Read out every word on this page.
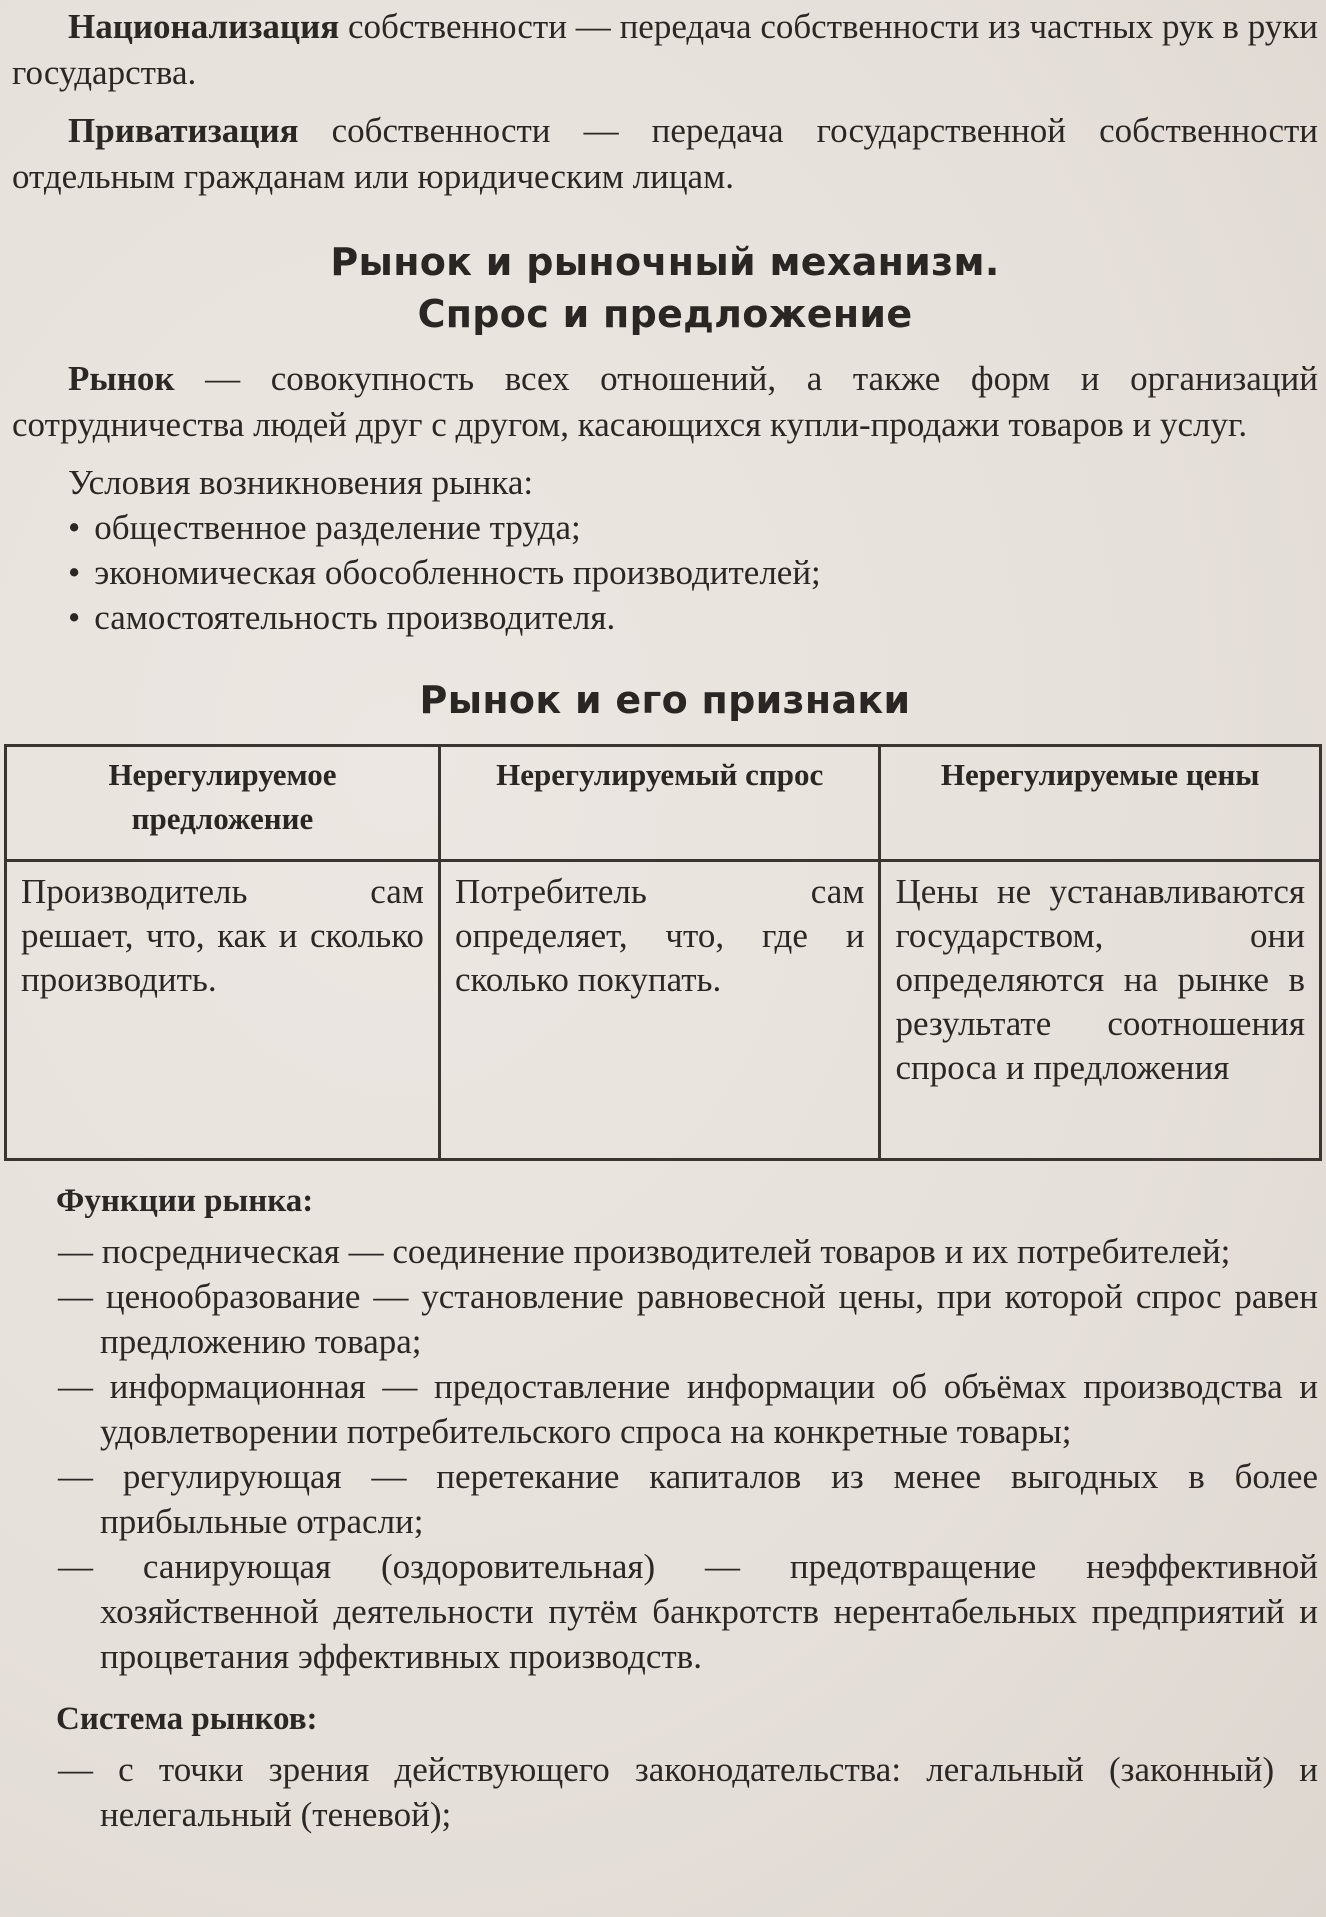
Национализация собственности — передача собственности из частных рук в руки государства.

Приватизация собственности — передача государственной собственности отдельным гражданам или юридическим лицам.

Рынок и рыночный механизм.
Спрос и предложение

Рынок — совокупность всех отношений, а также форм и организаций сотрудничества людей друг с другом, касающихся купли-продажи товаров и услуг.

Условия возникновения рынка:

• общественное разделение труда;
• экономическая обособленность производителей;
• самостоятельность производителя.
Рынок и его признаки
Нерегулируемое предложение	Нерегулируемый спрос	Нерегулируемые цены
Производитель сам решает, что, как и сколько производить.	Потребитель сам определяет, что, где и сколько покупать.	Цены не устанавливаются государством, они определяются на рынке в результате соотношения спроса и предложения

Функции рынка:

— посредническая — соединение производителей товаров и их потребителей;
— ценообразование — установление равновесной цены, при которой спрос равен предложению товара;
— информационная — предоставление информации об объёмах производства и удовлетворении потребительского спроса на конкретные товары;
— регулирующая — перетекание капиталов из менее выгодных в более прибыльные отрасли;
— санирующая (оздоровительная) — предотвращение неэффективной хозяйственной деятельности путём банкротств нерентабельных предприятий и процветания эффективных производств.

Система рынков:

— с точки зрения действующего законодательства: легальный (законный) и нелегальный (теневой);
